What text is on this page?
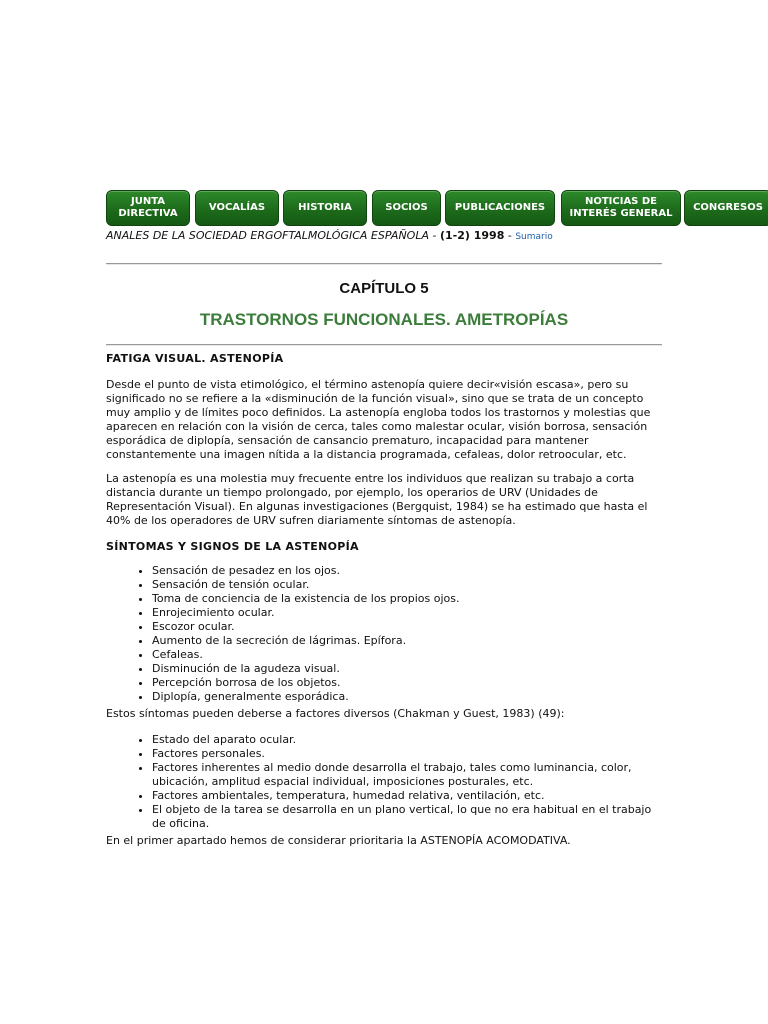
JUNTA
DIRECTIVA
VOCALÍAS	HISTORIA	SOCIOS	PUBLICACIONES
NOTICIAS DE
INTERÉS GENERAL
CONGRESOS
ANALES DE LA SOCIEDAD ERGOFTALMOLÓGICA ESPAÑOLA - (1-2) 1998 - Sumario
CAPÍTULO 5
TRASTORNOS FUNCIONALES. AMETROPÍAS
FATIGA VISUAL. ASTENOPÍA

Desde el punto de vista etimológico, el término astenopía quiere decir«visión escasa», pero su significado no se refiere a la «disminución de la función visual», sino que se trata de un concepto muy amplio y de límites poco definidos. La astenopía engloba todos los trastornos y molestias que aparecen en relación con la visión de cerca, tales como malestar ocular, visión borrosa, sensación esporádica de diplopía, sensación de cansancio prematuro, incapacidad para mantener constantemente una imagen nítida a la distancia programada, cefaleas, dolor retroocular, etc.

La astenopía es una molestia muy frecuente entre los individuos que realizan su trabajo a corta distancia durante un tiempo prolongado, por ejemplo, los operarios de URV (Unidades de Representación Visual). En algunas investigaciones (Bergquist, 1984) se ha estimado que hasta el 40% de los operadores de URV sufren diariamente síntomas de astenopía.

SÍNTOMAS Y SIGNOS DE LA ASTENOPÍA
• Sensación de pesadez en los ojos.
• Sensación de tensión ocular.
• Toma de conciencia de la existencia de los propios ojos.
• Enrojecimiento ocular.
• Escozor ocular.
• Aumento de la secreción de lágrimas. Epífora.
• Cefaleas.
• Disminución de la agudeza visual.
• Percepción borrosa de los objetos.
• Diplopía, generalmente esporádica.

Estos síntomas pueden deberse a factores diversos (Chakman y Guest, 1983) (49):

• Estado del aparato ocular.
• Factores personales.
• Factores inherentes al medio donde desarrolla el trabajo, tales como luminancia, color, ubicación, amplitud espacial individual, imposiciones posturales, etc.
• Factores ambientales, temperatura, humedad relativa, ventilación, etc.
• El objeto de la tarea se desarrolla en un plano vertical, lo que no era habitual en el trabajo de oficina.

En el primer apartado hemos de considerar prioritaria la ASTENOPÍA ACOMODATIVA.
